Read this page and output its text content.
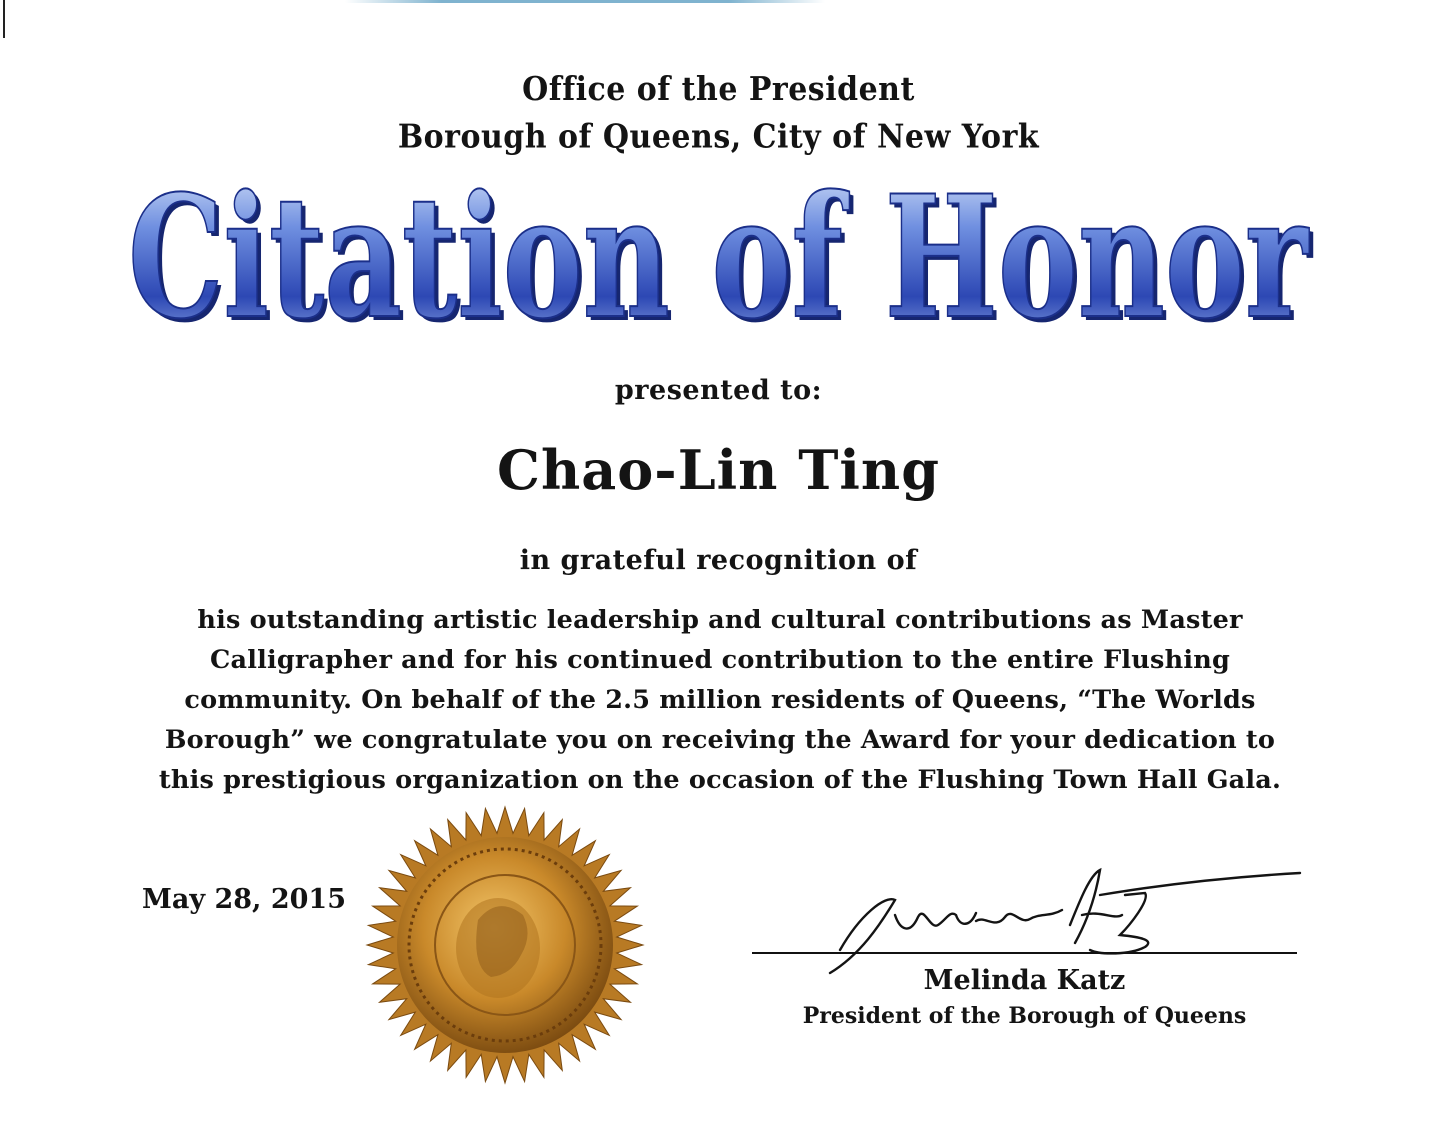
Office of the President
Borough of Queens, City of New York
Citation of Honor
Citation of Honor
presented to:
Chao-Lin Ting
in grateful recognition of
his outstanding artistic leadership and cultural contributions as Master Calligrapher and for his continued contribution to the entire Flushing community. On behalf of the 2.5 million residents of Queens, “The Worlds Borough” we congratulate you on receiving the Award for your dedication to this prestigious organization on the occasion of the Flushing Town Hall Gala.
May 28, 2015
Melinda Katz
President of the Borough of Queens
